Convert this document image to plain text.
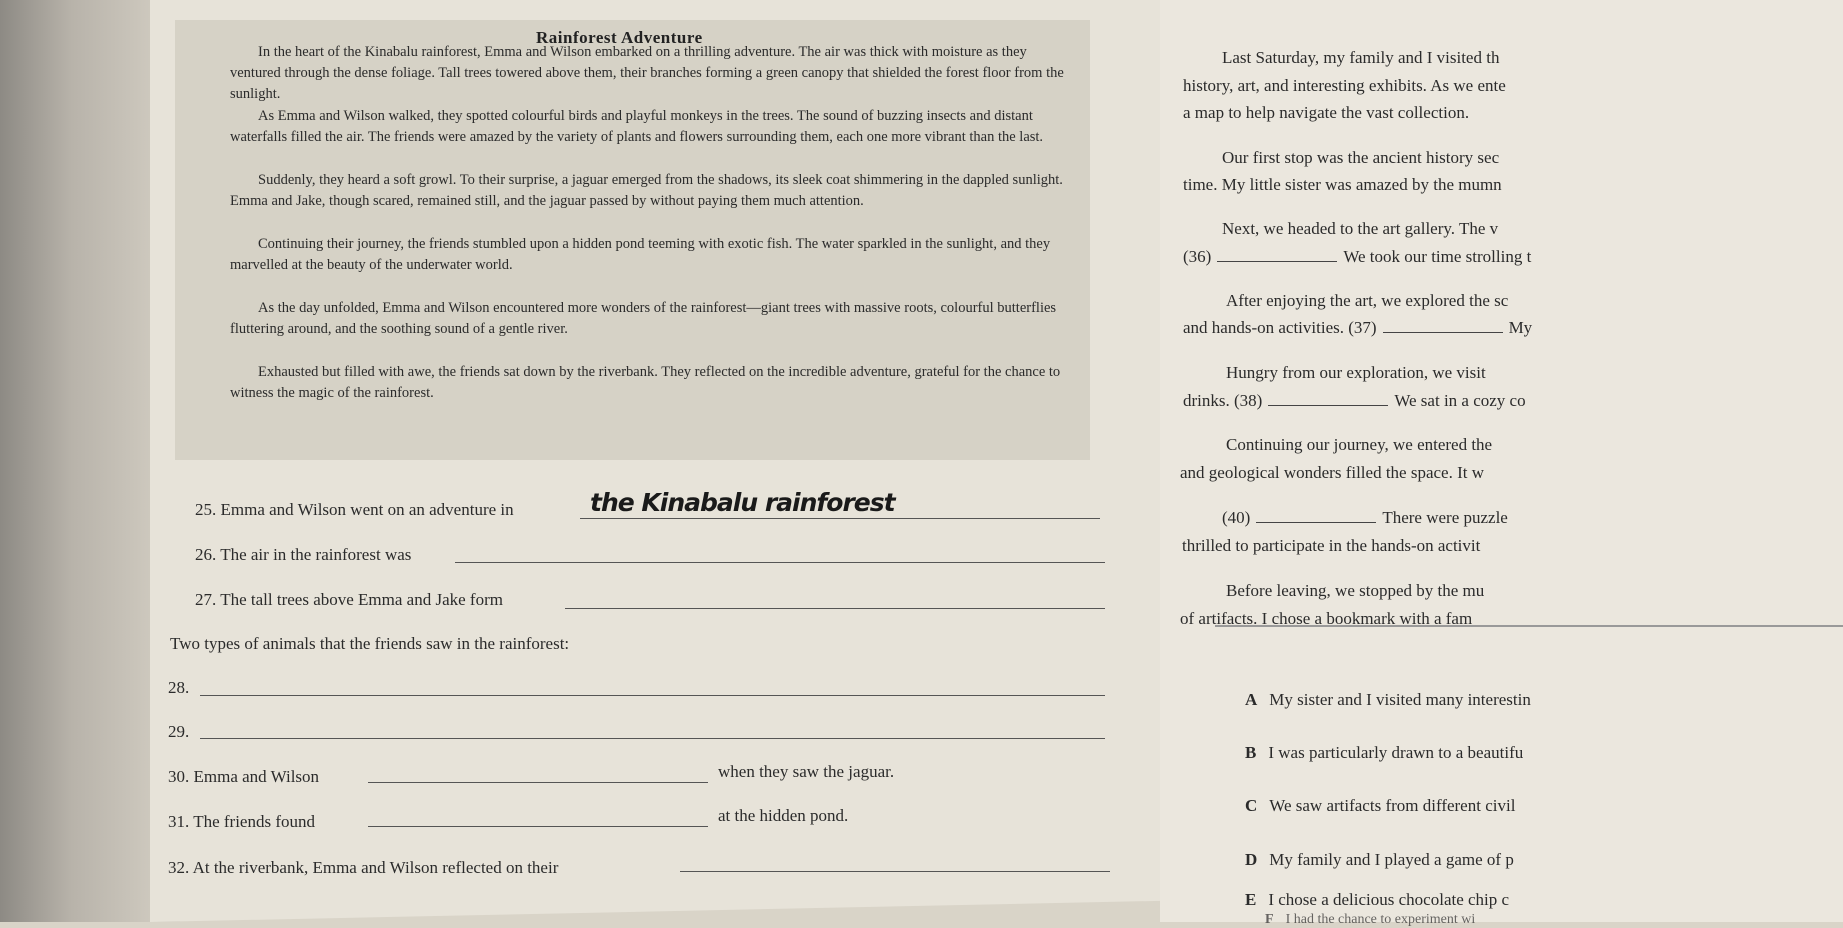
Rainforest Adventure

In the heart of the Kinabalu rainforest, Emma and Wilson embarked on a thrilling adventure. The air was thick with moisture as they ventured through the dense foliage. Tall trees towered above them, their branches forming a green canopy that shielded the forest floor from the sunlight.

As Emma and Wilson walked, they spotted colourful birds and playful monkeys in the trees. The sound of buzzing insects and distant waterfalls filled the air. The friends were amazed by the variety of plants and flowers surrounding them, each one more vibrant than the last.

Suddenly, they heard a soft growl. To their surprise, a jaguar emerged from the shadows, its sleek coat shimmering in the dappled sunlight. Emma and Jake, though scared, remained still, and the jaguar passed by without paying them much attention.

Continuing their journey, the friends stumbled upon a hidden pond teeming with exotic fish. The water sparkled in the sunlight, and they marvelled at the beauty of the underwater world.

As the day unfolded, Emma and Wilson encountered more wonders of the rainforest—giant trees with massive roots, colourful butterflies fluttering around, and the soothing sound of a gentle river.

Exhausted but filled with awe, the friends sat down by the riverbank. They reflected on the incredible adventure, grateful for the chance to witness the magic of the rainforest.

25. Emma and Wilson went on an adventure in	the Kinabalu rainforest
26. The air in the rainforest was
27. The tall trees above Emma and Jake form
Two types of animals that the friends saw in the rainforest:
28.
29.
30. Emma and Wilson	when they saw the jaguar.
31. The friends found	at the hidden pond.
32. At the riverbank, Emma and Wilson reflected on their
Last Saturday, my family and I visited th
history, art, and interesting exhibits. As we ente
a map to help navigate the vast collection.
Our first stop was the ancient history sec
time. My little sister was amazed by the mumn
Next, we headed to the art gallery. The v
(36)	We took our time strolling t
After enjoying the art, we explored the sc
and hands-on activities. (37)	My
Hungry from our exploration, we visit
drinks. (38)	We sat in a cozy co
Continuing our journey, we entered the
and geological wonders filled the space. It w
(40)	There were puzzle
thrilled to participate in the hands-on activit
Before leaving, we stopped by the mu
of artifacts. I chose a bookmark with a fam
A My sister and I visited many interestin
B I was particularly drawn to a beautifu
C We saw artifacts from different civil
D My family and I played a game of p
E I chose a delicious chocolate chip c
F I had the chance to experiment wi
